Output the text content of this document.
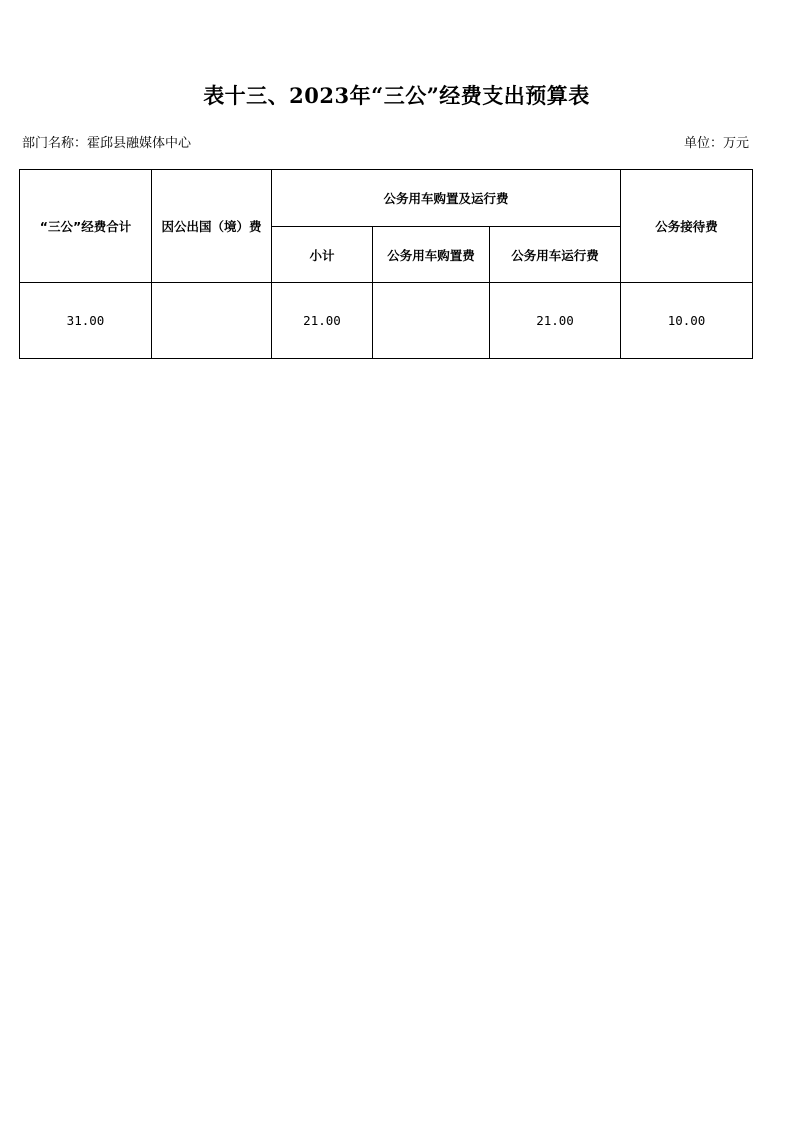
表十三、2023年“三公”经费支出预算表
部门名称：霍邱县融媒体中心	单位：万元
“三公”经费合计	因公出国（境）费	公务用车购置及运行费			公务接待费
		小计	公务用车购置费	公务用车运行费	
31.00		21.00		21.00	10.00
